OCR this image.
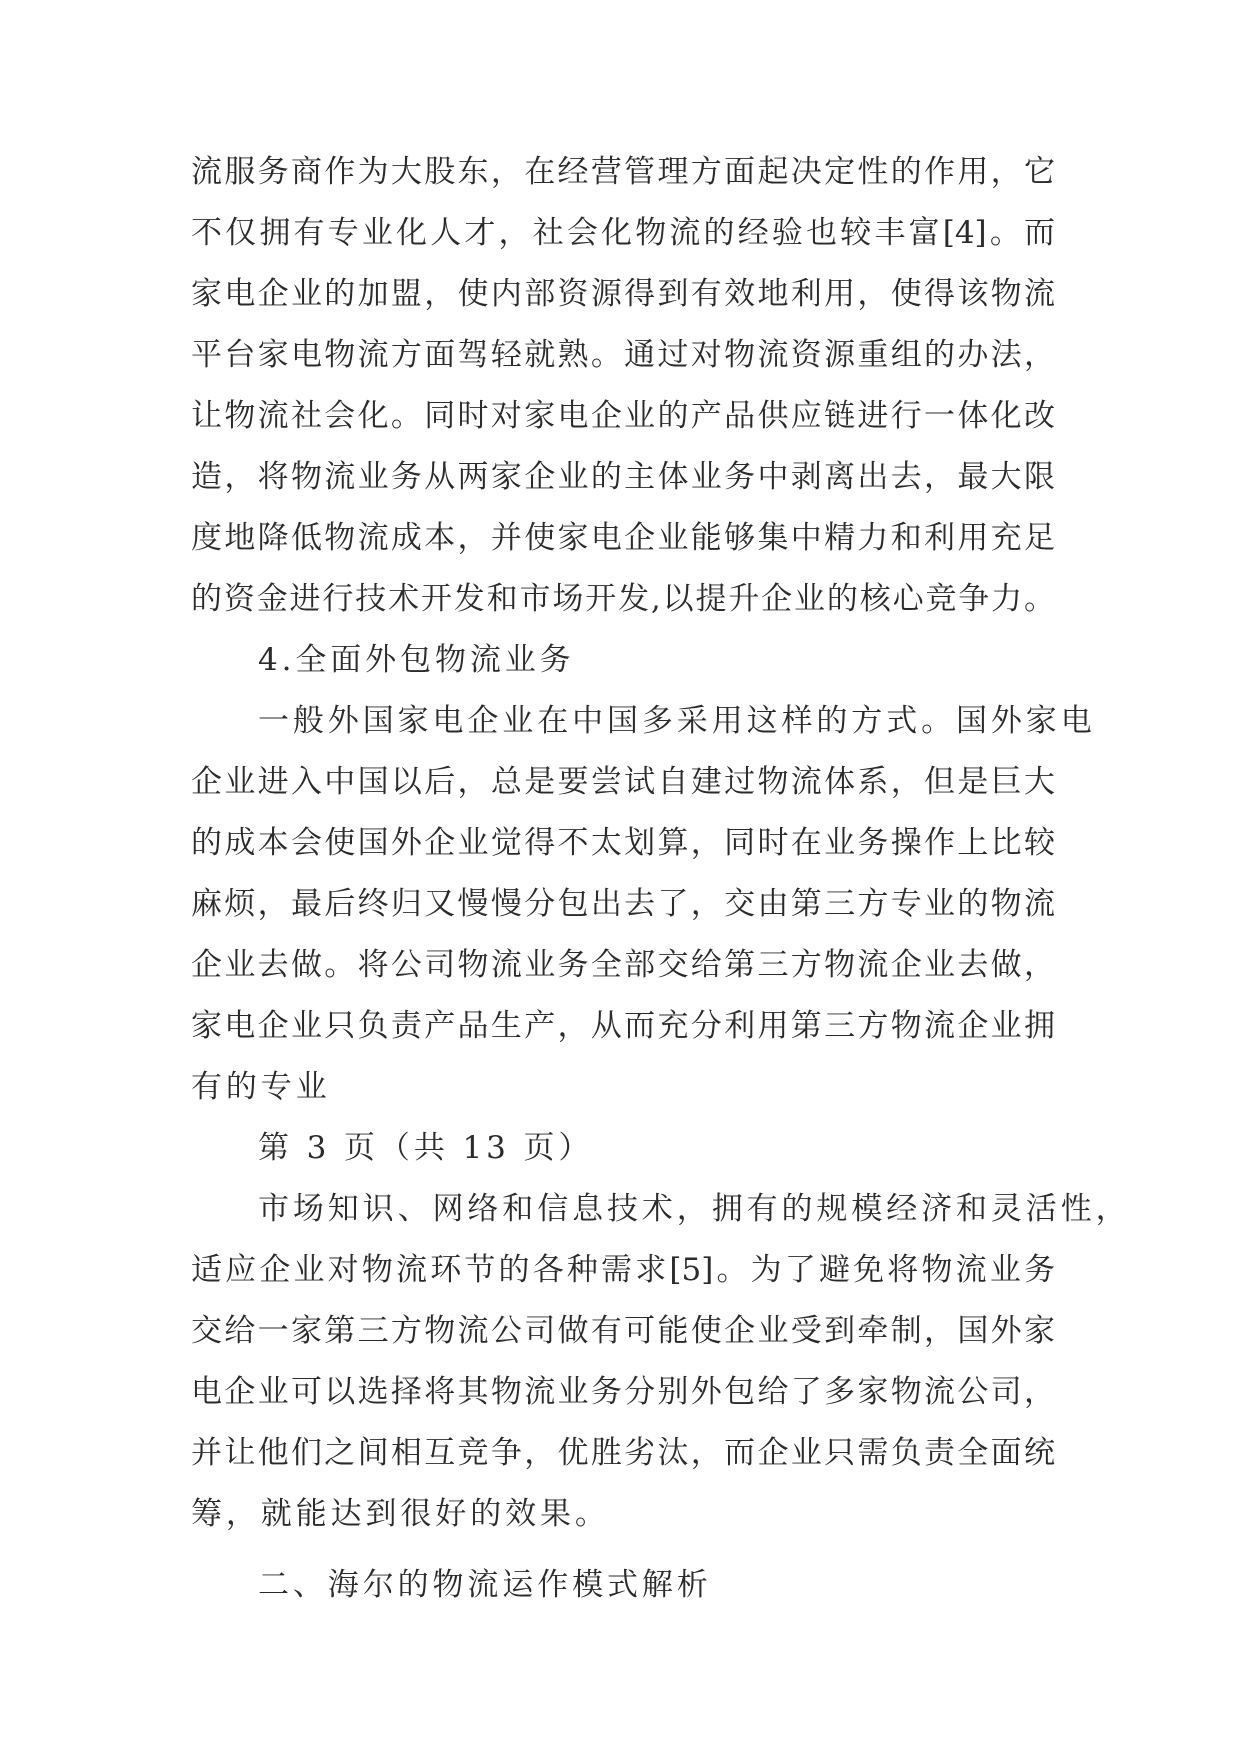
流服务商作为大股东，在经营管理方面起决定性的作用，它
不仅拥有专业化人才，社会化物流的经验也较丰富[4]。而
家电企业的加盟，使内部资源得到有效地利用，使得该物流
平台家电物流方面驾轻就熟。通过对物流资源重组的办法，
让物流社会化。同时对家电企业的产品供应链进行一体化改
造，将物流业务从两家企业的主体业务中剥离出去，最大限
度地降低物流成本，并使家电企业能够集中精力和利用充足
的资金进行技术开发和市场开发,以提升企业的核心竞争力。
4.全面外包物流业务
一般外国家电企业在中国多采用这样的方式。国外家电
企业进入中国以后，总是要尝试自建过物流体系，但是巨大
的成本会使国外企业觉得不太划算，同时在业务操作上比较
麻烦，最后终归又慢慢分包出去了，交由第三方专业的物流
企业去做。将公司物流业务全部交给第三方物流企业去做，
家电企业只负责产品生产，从而充分利用第三方物流企业拥
有的专业
第 3 页（共 13 页）
市场知识、网络和信息技术，拥有的规模经济和灵活性，
适应企业对物流环节的各种需求[5]。为了避免将物流业务
交给一家第三方物流公司做有可能使企业受到牵制，国外家
电企业可以选择将其物流业务分别外包给了多家物流公司，
并让他们之间相互竞争，优胜劣汰，而企业只需负责全面统
筹，就能达到很好的效果。
二、海尔的物流运作模式解析
